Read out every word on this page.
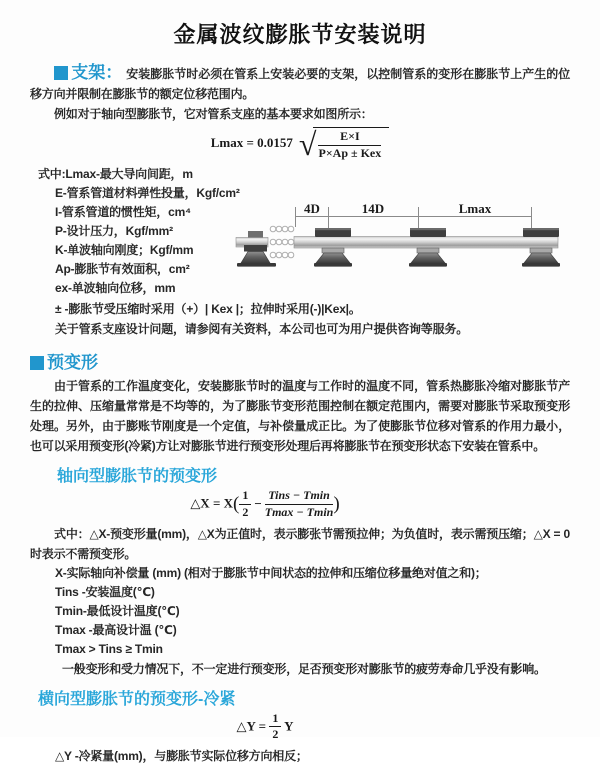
金属波纹膨胀节安装说明

支架： 安装膨胀节时必须在管系上安装必要的支架，以控制管系的变形在膨胀节上产生的位移方向并限制在膨胀节的额定位移范围内。

例如对于轴向型膨胀节，它对管系支座的基本要求如图所示：

Lmax = 0.0157 √ $\frac{E\times I}{\text{P×Ap ± Kex}}$
式中:Lmax-最大导向间距，m
E-管系管道材料弹性投量，Kgf/cm²
I-管系管道的惯性矩，cm⁴
P-设计压力，Kgf/mm²
K-单波轴向刚度；Kgf/mm
Ap-膨胀节有效面积，cm²
ex-单波轴向位移，mm
4D	14D	Lmax
± -膨胀节受压缩时采用（+）| Kex |；拉伸时采用(-)|Kex|。
关于管系支座设计问题，请参阅有关资料，本公司也可为用户提供咨询等服务。
预变形

由于管系的工作温度变化，安装膨胀节时的温度与工作时的温度不同，管系热膨胀冷缩对膨胀节产生的拉伸、压缩量常常是不均等的，为了膨胀节变形范围控制在额定范围内，需要对膨胀节采取预变形处理。另外，由于膨账节刚度是一个定值，与补偿量成正比。为了使膨胀节位移对管系的作用力最小，也可以采用预变形(冷紧)方让对膨胀节进行预变形处理后再将膨胀节在预变形状态下安装在管系中。

轴向型膨胀节的预变形
△X = $X( \frac{1}{2} - \frac{\text{Tins − Tmin}}{Tmax - Tmin}$ )

式中：△X-预变形量(mm)，△X为正值时，表示膨张节需预拉伸；为负值时，表示需预压缩；△X = 0时表示不需预变形。

X-实际轴向补偿量 (mm) (相对于膨胀节中间状态的拉伸和压缩位移量绝对值之和)；
Tins -安装温度(℃)
Tmin-最低设计温度(℃)
Tmax -最高设计温 (℃)
Tmax > Tins ≥ Tmin
一般变形和受力情况下，不一定进行预变形，足否预变形对膨胀节的疲劳寿命几乎没有影响。
横向型膨胀节的预变形-冷紧
△Y = $\frac{1}{2}$ Y
△Y -冷紧量(mm)，与膨胀节实际位移方向相反；
